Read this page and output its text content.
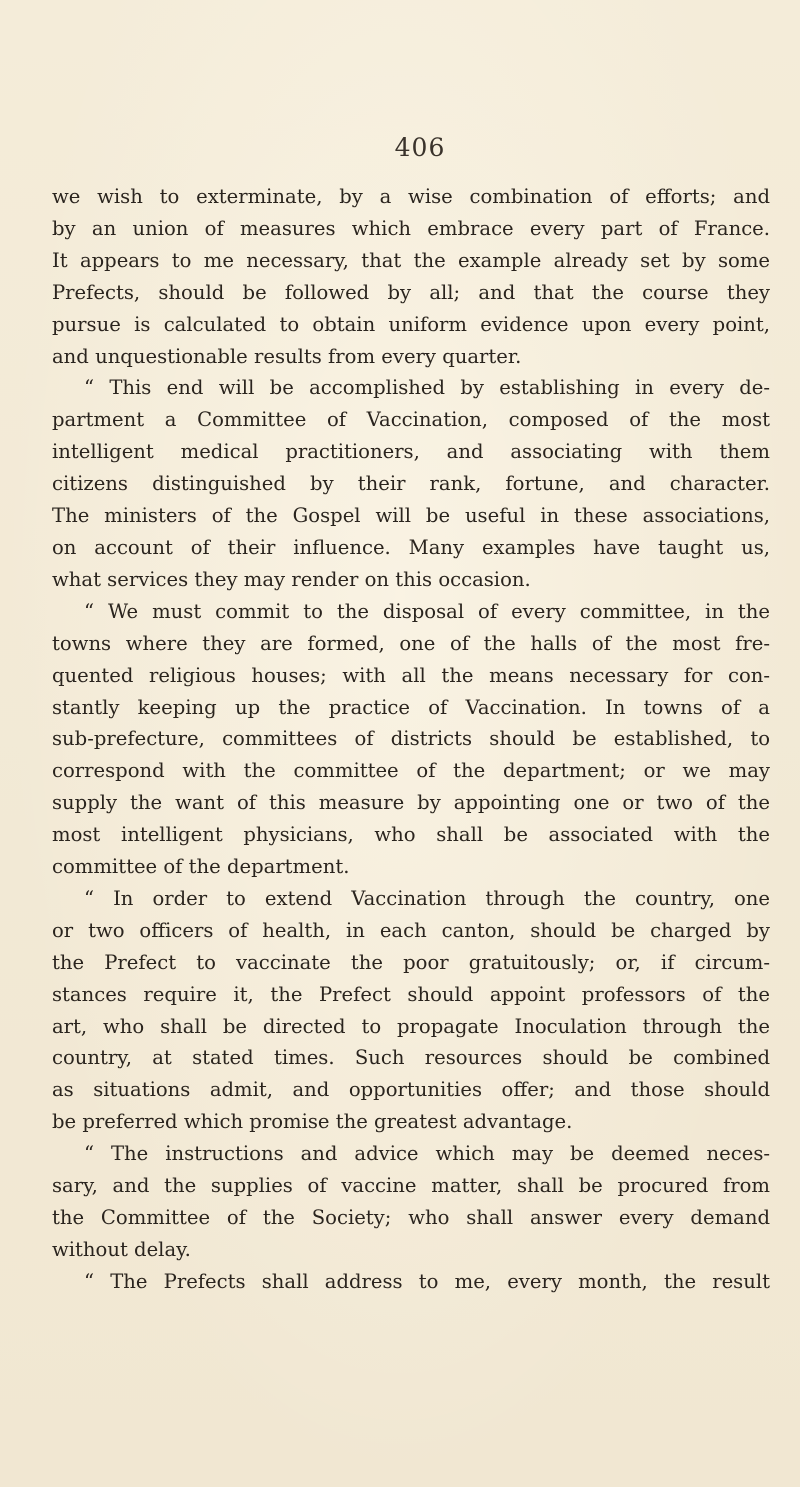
406
we wish to exterminate, by a wise combination of efforts; and
by an union of measures which embrace every part of France.
It appears to me necessary, that the example already set by some
Prefects, should be followed by all; and that the course they
pursue is calculated to obtain uniform evidence upon every point,
and unquestionable results from every quarter.
“ This end will be accomplished by establishing in every de-
partment a Committee of Vaccination, composed of the most
intelligent medical practitioners, and associating with them
citizens distinguished by their rank, fortune, and character.
The ministers of the Gospel will be useful in these associations,
on account of their influence. Many examples have taught us,
what services they may render on this occasion.
“ We must commit to the disposal of every committee, in the
towns where they are formed, one of the halls of the most fre-
quented religious houses; with all the means necessary for con-
stantly keeping up the practice of Vaccination. In towns of a
sub-prefecture, committees of districts should be established, to
correspond with the committee of the department; or we may
supply the want of this measure by appointing one or two of the
most intelligent physicians, who shall be associated with the
committee of the department.
“ In order to extend Vaccination through the country, one
or two officers of health, in each canton, should be charged by
the Prefect to vaccinate the poor gratuitously; or, if circum-
stances require it, the Prefect should appoint professors of the
art, who shall be directed to propagate Inoculation through the
country, at stated times. Such resources should be combined
as situations admit, and opportunities offer; and those should
be preferred which promise the greatest advantage.
“ The instructions and advice which may be deemed neces-
sary, and the supplies of vaccine matter, shall be procured from
the Committee of the Society; who shall answer every demand
without delay.
“ The Prefects shall address to me, every month, the result
